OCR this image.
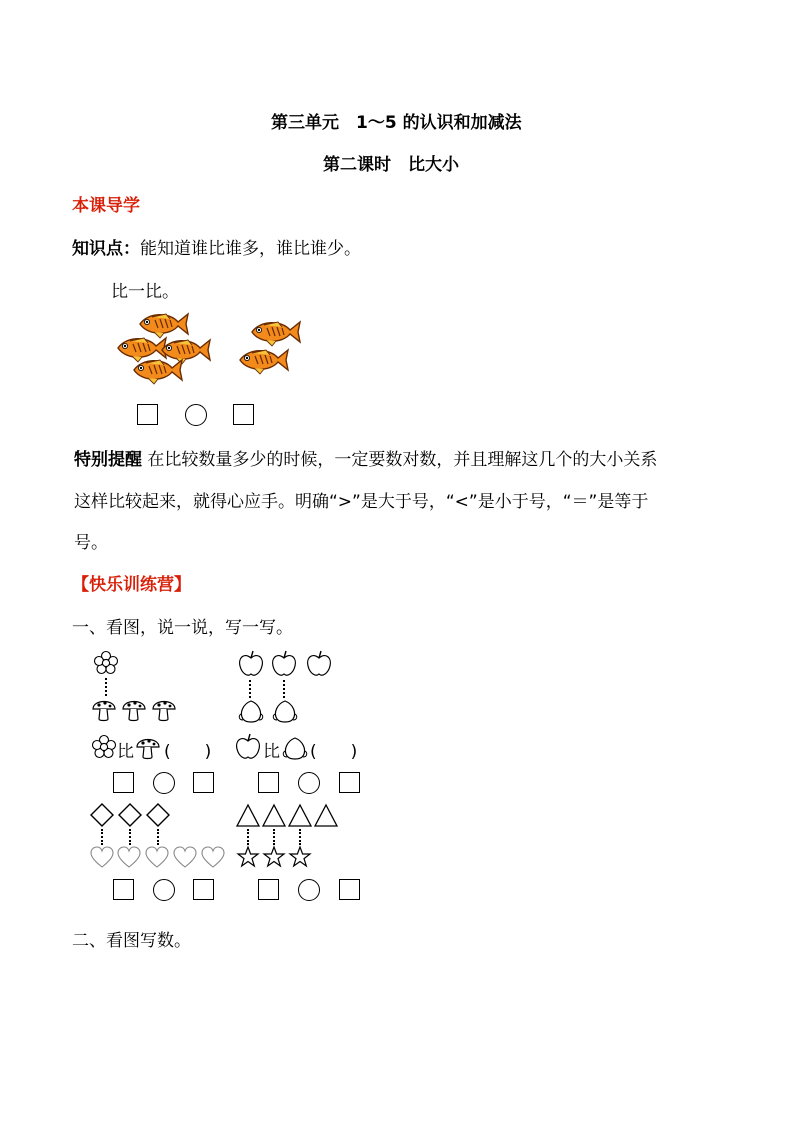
第三单元　1～5 的认识和加减法
第二课时　比大小
本课导学
知识点：能知道谁比谁多，谁比谁少。
比一比。
特别提醒 在比较数量多少的时候，一定要数对数，并且理解这几个的大小关系
这样比较起来，就得心应手。明确“>”是大于号，“<”是小于号，“＝”是等于
号。
【快乐训练营】
一、看图，说一说，写一写。
比 (　　)	比 (　　)
二、看图写数。
